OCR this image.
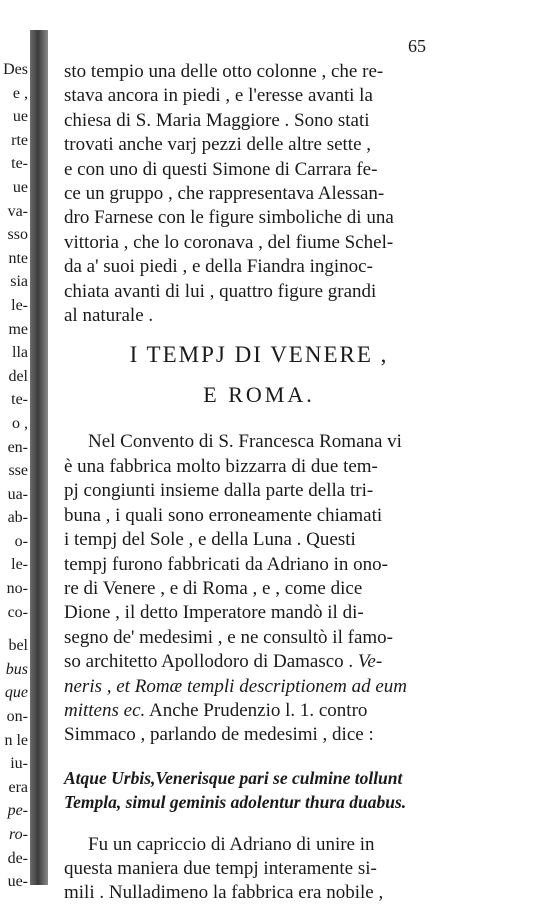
Des
e ,
ue
rte
te-
ue
va-
sso
nte
sia
le-
me
lla
del
te-
o ,
en-
sse
ua-
ab-
o-
le-
no-
co-
bel
bus
que
on-
n le
iu-
era
pe-
ro-
de-
ue-
65

sto tempio una delle otto colonne , che re-
stava ancora in piedi , e l'eresse avanti la
chiesa di S. Maria Maggiore . Sono stati
trovati anche varj pezzi delle altre sette ,
e con uno di questi Simone di Carrara fe-
ce un gruppo , che rappresentava Alessan-
dro Farnese con le figure simboliche di una
vittoria , che lo coronava , del fiume Schel-
da a' suoi piedi , e della Fiandra inginoc-
chiata avanti di lui , quattro figure grandi
al naturale .

I TEMPJ DI VENERE ,
E ROMA.

Nel Convento di S. Francesca Romana vi
è una fabbrica molto bizzarra di due tem-
pj congiunti insieme dalla parte della tri-
buna , i quali sono erroneamente chiamati
i tempj del Sole , e della Luna . Questi
tempj furono fabbricati da Adriano in ono-
re di Venere , e di Roma , e , come dice
Dione , il detto Imperatore mandò il di-
segno de' medesimi , e ne consultò il famo-
so architetto Apollodoro di Damasco . Ve-
neris , et Romæ templi descriptionem ad eum
mittens ec. Anche Prudenzio l. 1. contro
Simmaco , parlando de medesimi , dice :

Atque Urbis,Venerisque pari se culmine tollunt
Templa, simul geminis adolentur thura duabus.

Fu un capriccio di Adriano di unire in
questa maniera due tempj interamente si-
mili . Nulladimeno la fabbrica era nobile ,
